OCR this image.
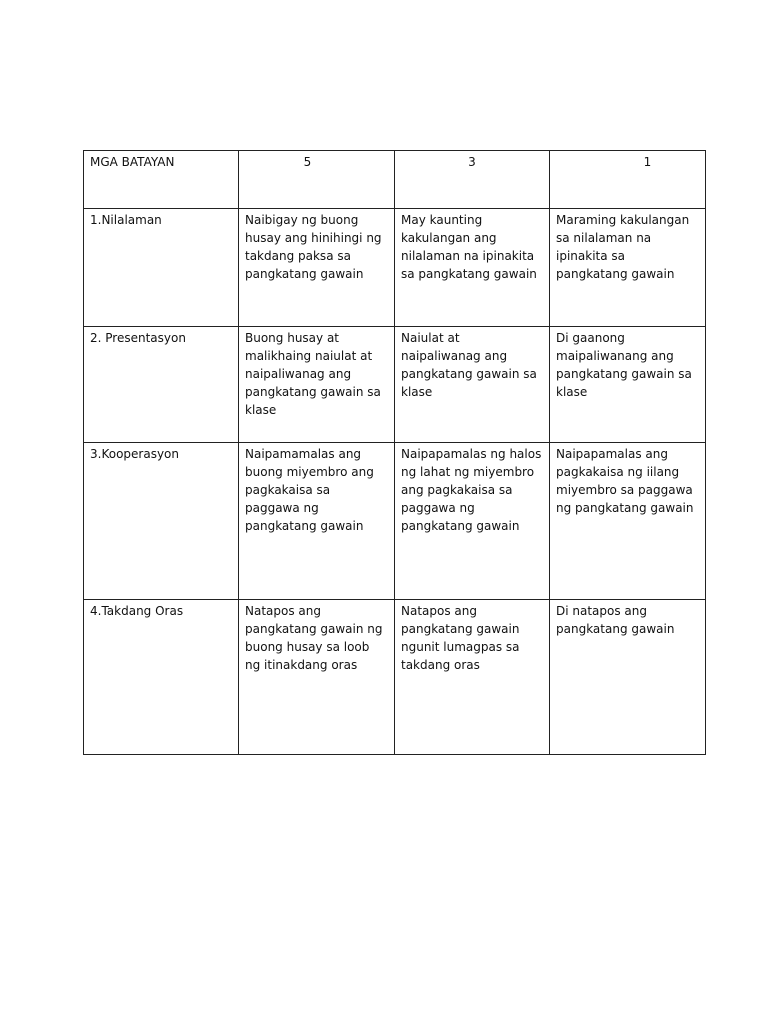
MGA BATAYAN	5	3	1

1.Nilalaman	Naibigay ng buong husay ang hinihingi ng takdang paksa sa pangkatang gawain	May kaunting kakulangan ang nilalaman na ipinakita sa pangkatang gawain	Maraming kakulangan sa nilalaman na ipinakita sa pangkatang gawain
2. Presentasyon	Buong husay at malikhaing naiulat at naipaliwanag ang pangkatang gawain sa klase	Naiulat at naipaliwanag ang pangkatang gawain sa klase	Di gaanong maipaliwanang ang pangkatang gawain sa klase
3.Kooperasyon	Naipamamalas ang buong miyembro ang pagkakaisa sa paggawa ng pangkatang gawain	Naipapamalas ng halos ng lahat ng miyembro ang pagkakaisa sa paggawa ng pangkatang gawain	Naipapamalas ang pagkakaisa ng iilang miyembro sa paggawa ng pangkatang gawain
4.Takdang Oras	Natapos ang pangkatang gawain ng buong husay sa loob ng itinakdang oras	Natapos ang pangkatang gawain ngunit lumagpas sa takdang oras	Di natapos ang pangkatang gawain
